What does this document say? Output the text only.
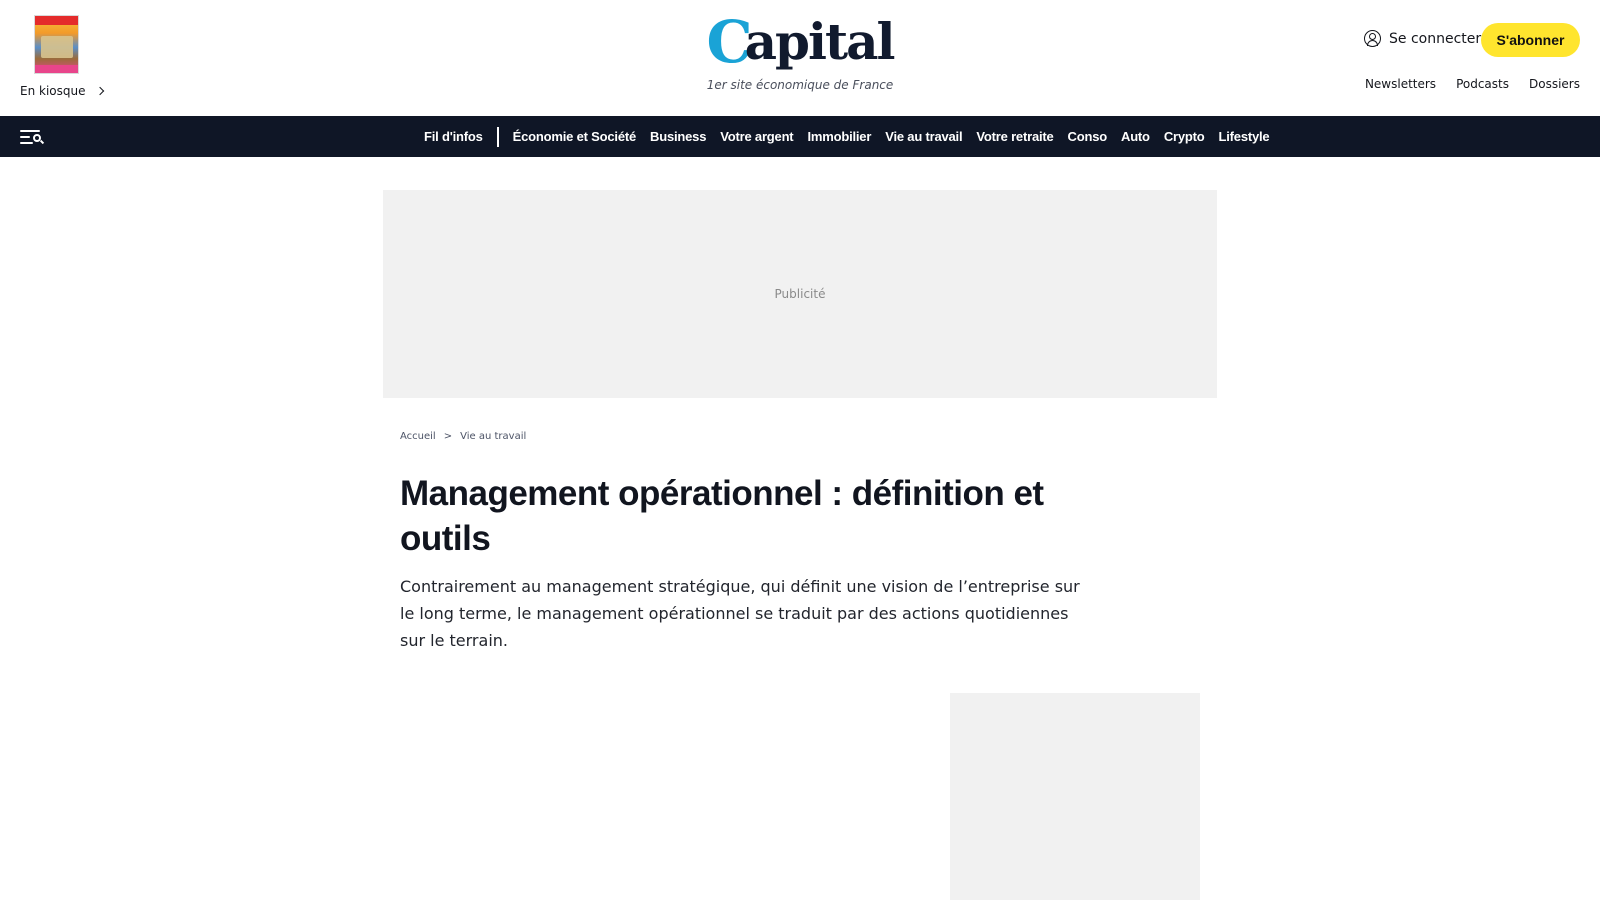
En kiosque
C
apital
1er site économique de France
Se connecter	S'abonner
Newsletters Podcasts Dossiers
Fil d'infos Économie et Société Business Votre argent Immobilier Vie au travail Votre retraite Conso Auto Crypto Lifestyle
Publicité
Accueil > Vie au travail
Management opérationnel : définition et outils

Contrairement au management stratégique, qui définit une vision de l’entreprise sur le long terme, le management opérationnel se traduit par des actions quotidiennes sur le terrain.
